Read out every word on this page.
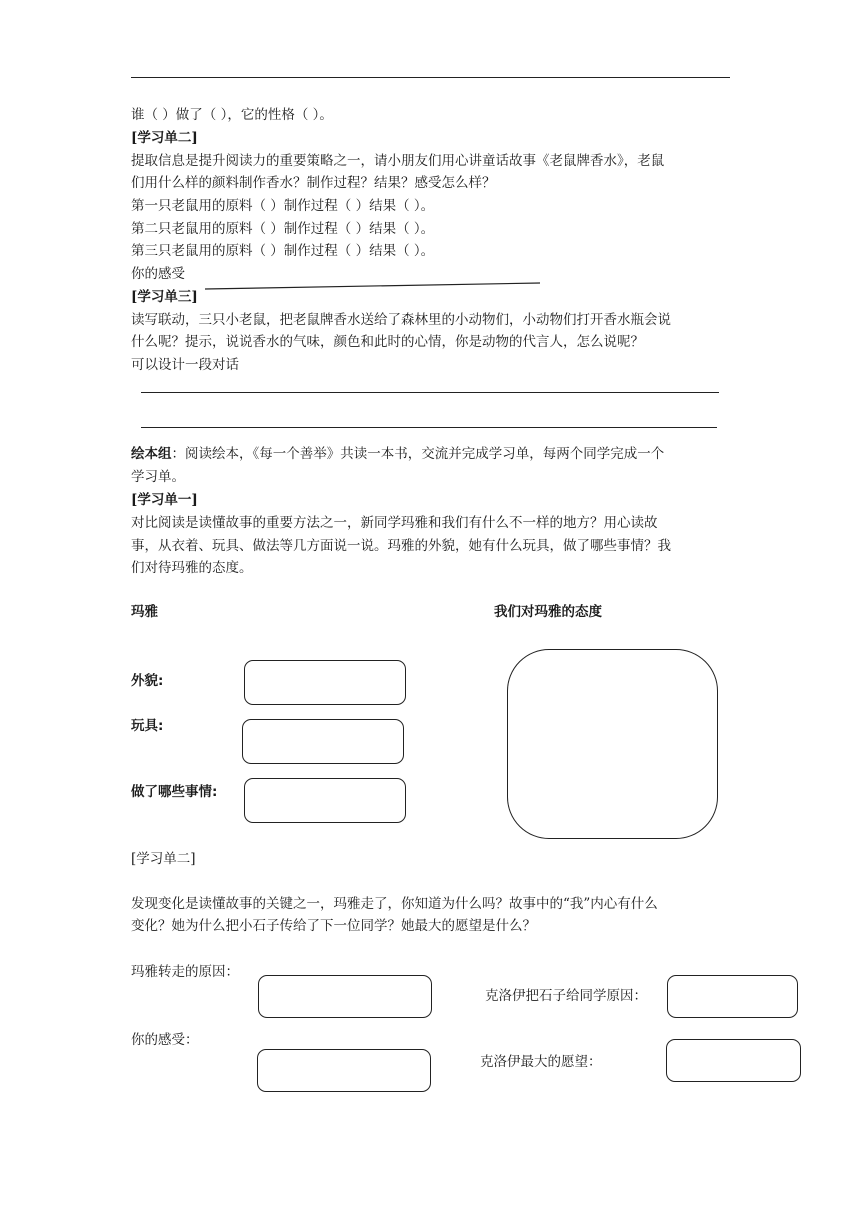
谁（ ）做了（ ），它的性格（ ）。
[学习单二]
提取信息是提升阅读力的重要策略之一，请小朋友们用心讲童话故事《老鼠牌香水》，老鼠
们用什么样的颜料制作香水？制作过程？结果？感受怎么样？
第一只老鼠用的原料（ ）制作过程（ ）结果（ ）。
第二只老鼠用的原料（ ）制作过程（ ）结果（ ）。
第三只老鼠用的原料（ ）制作过程（ ）结果（ ）。
你的感受
[学习单三]
读写联动，三只小老鼠，把老鼠牌香水送给了森林里的小动物们，小动物们打开香水瓶会说
什么呢？提示，说说香水的气味，颜色和此时的心情，你是动物的代言人，怎么说呢？
可以设计一段对话
绘本组：阅读绘本，《每一个善举》共读一本书，交流并完成学习单，每两个同学完成一个
学习单。
[学习单一]
对比阅读是读懂故事的重要方法之一，新同学玛雅和我们有什么不一样的地方？用心读故
事，从衣着、玩具、做法等几方面说一说。玛雅的外貌，她有什么玩具，做了哪些事情？我
们对待玛雅的态度。
玛雅	我们对玛雅的态度
外貌:
玩具:
做了哪些事情:
[学习单二]
发现变化是读懂故事的关键之一，玛雅走了，你知道为什么吗？故事中的“我”内心有什么
变化？她为什么把小石子传给了下一位同学？她最大的愿望是什么？
玛雅转走的原因：
克洛伊把石子给同学原因：
你的感受：
克洛伊最大的愿望：
